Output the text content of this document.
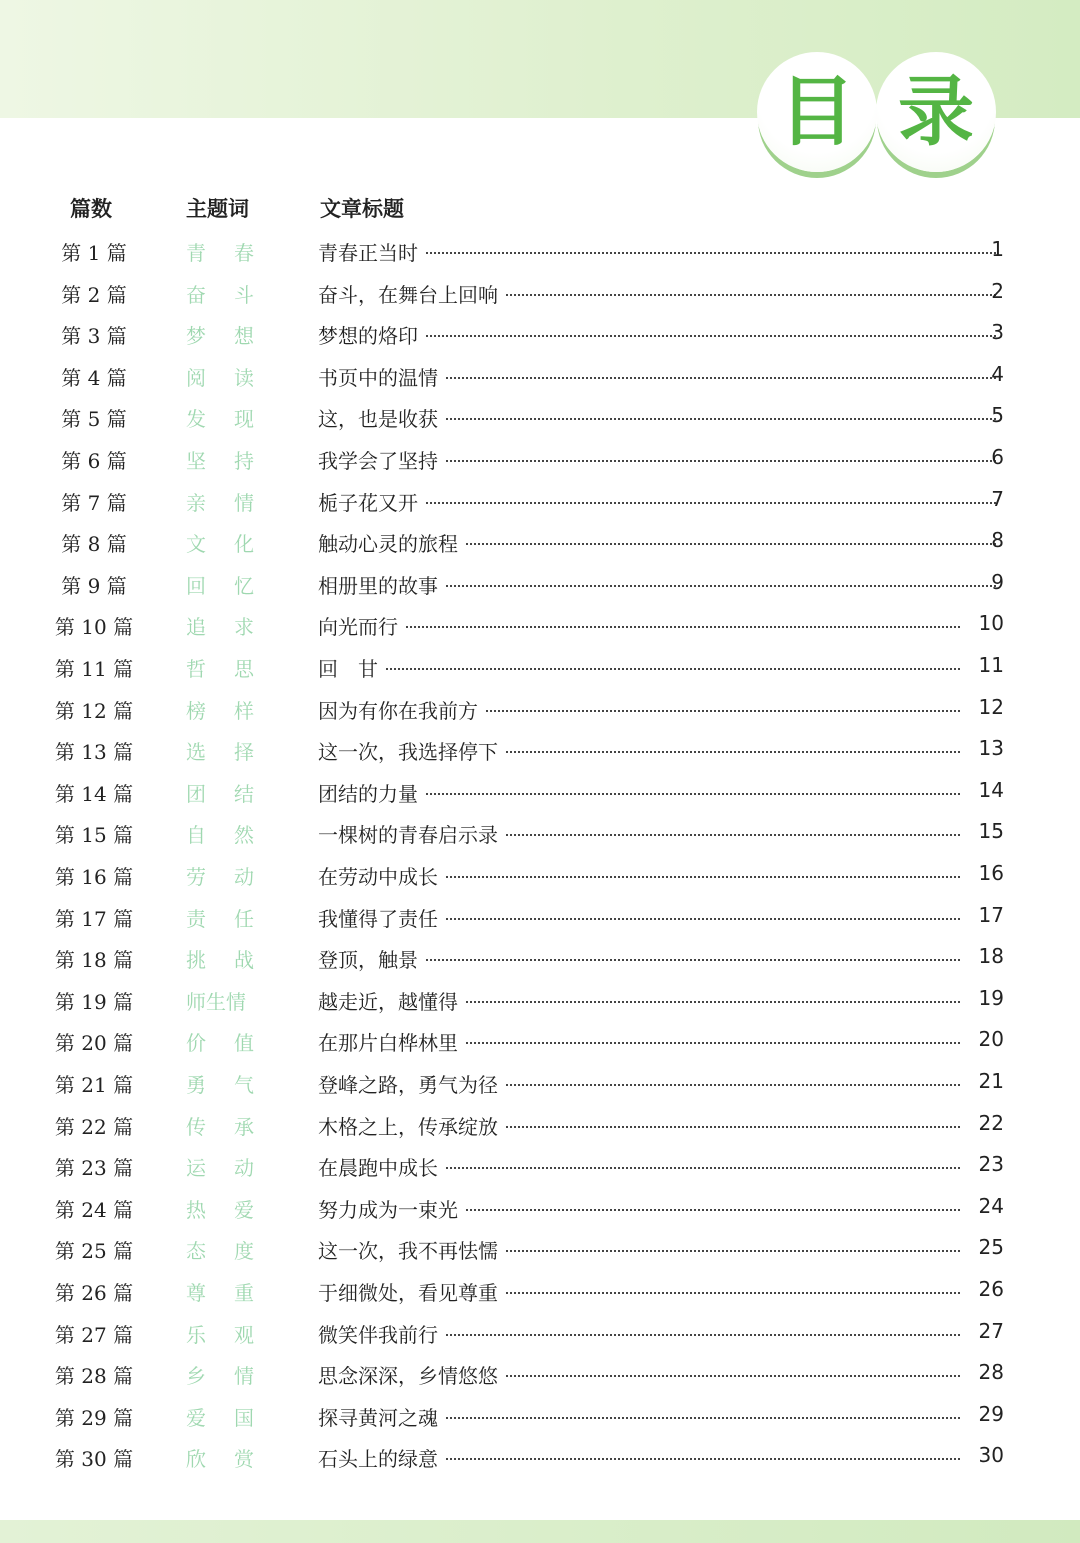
目 录
篇数	主题词	文章标题
第 1 篇	青 春	青春正当时	1
第 2 篇	奋 斗	奋斗，在舞台上回响	2
第 3 篇	梦 想	梦想的烙印	3
第 4 篇	阅 读	书页中的温情	4
第 5 篇	发 现	这，也是收获	5
第 6 篇	坚 持	我学会了坚持	6
第 7 篇	亲 情	栀子花又开	7
第 8 篇	文 化	触动心灵的旅程	8
第 9 篇	回 忆	相册里的故事	9
第 10 篇	追 求	向光而行	10
第 11 篇	哲 思	回　甘	11
第 12 篇	榜 样	因为有你在我前方	12
第 13 篇	选 择	这一次，我选择停下	13
第 14 篇	团 结	团结的力量	14
第 15 篇	自 然	一棵树的青春启示录	15
第 16 篇	劳 动	在劳动中成长	16
第 17 篇	责 任	我懂得了责任	17
第 18 篇	挑 战	登顶，触景	18
第 19 篇	师生情	越走近，越懂得	19
第 20 篇	价 值	在那片白桦林里	20
第 21 篇	勇 气	登峰之路，勇气为径	21
第 22 篇	传 承	木格之上，传承绽放	22
第 23 篇	运 动	在晨跑中成长	23
第 24 篇	热 爱	努力成为一束光	24
第 25 篇	态 度	这一次，我不再怯懦	25
第 26 篇	尊 重	于细微处，看见尊重	26
第 27 篇	乐 观	微笑伴我前行	27
第 28 篇	乡 情	思念深深，乡情悠悠	28
第 29 篇	爱 国	探寻黄河之魂	29
第 30 篇	欣 赏	石头上的绿意	30
